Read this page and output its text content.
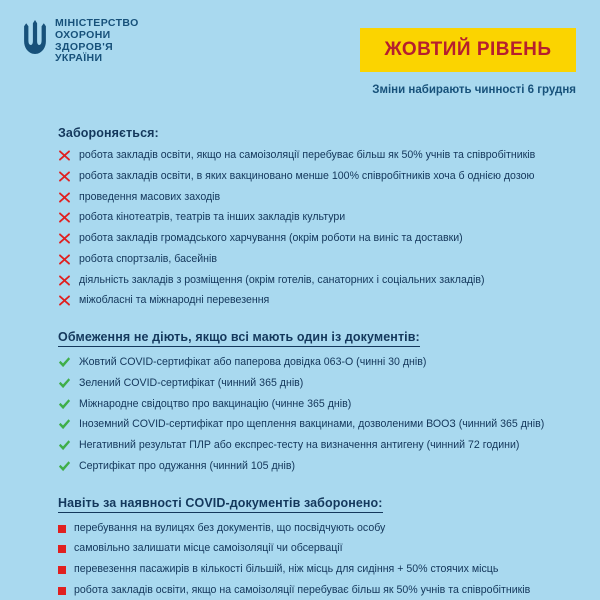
МІНІСТЕРСТВО
ОХОРОНИ
ЗДОРОВ'Я
УКРАЇНИ	ЖОВТИЙ РІВЕНЬ
Зміни набирають чинності 6 грудня
Забороняється:
робота закладів освіти, якщо на самоізоляції перебуває більш як 50% учнів та співробітників
робота закладів освіти, в яких вакциновано менше 100% співробітників хоча б однією дозою
проведення масових заходів
робота кінотеатрів, театрів та інших закладів культури
робота закладів громадського харчування (окрім роботи на виніс та доставки)
робота спортзалів, басейнів
діяльність закладів з розміщення (окрім готелів, санаторних і соціальних закладів)
міжобласні та міжнародні перевезення
Обмеження не діють, якщо всі мають один із документів:
Жовтий COVID-сертифікат або паперова довідка 063-О (чинні 30 днів)
Зелений COVID-сертифікат (чинний 365 днів)
Міжнародне свідоцтво про вакцинацію (чинне 365 днів)
Іноземний COVID-сертифікат про щеплення вакцинами, дозволеними ВООЗ (чинний 365 днів)
Негативний результат ПЛР або експрес-тесту на визначення антигену (чинний 72 години)
Сертифікат про одужання (чинний 105 днів)
Навіть за наявності COVID-документів заборонено:
перебування на вулицях без документів, що посвідчують особу
самовільно залишати місце самоізоляції чи обсервації
перевезення пасажирів в кількості більшій, ніж місць для сидіння + 50% стоячих місць
робота закладів освіти, якщо на самоізоляції перебуває більш як 50% учнів та співробітників
